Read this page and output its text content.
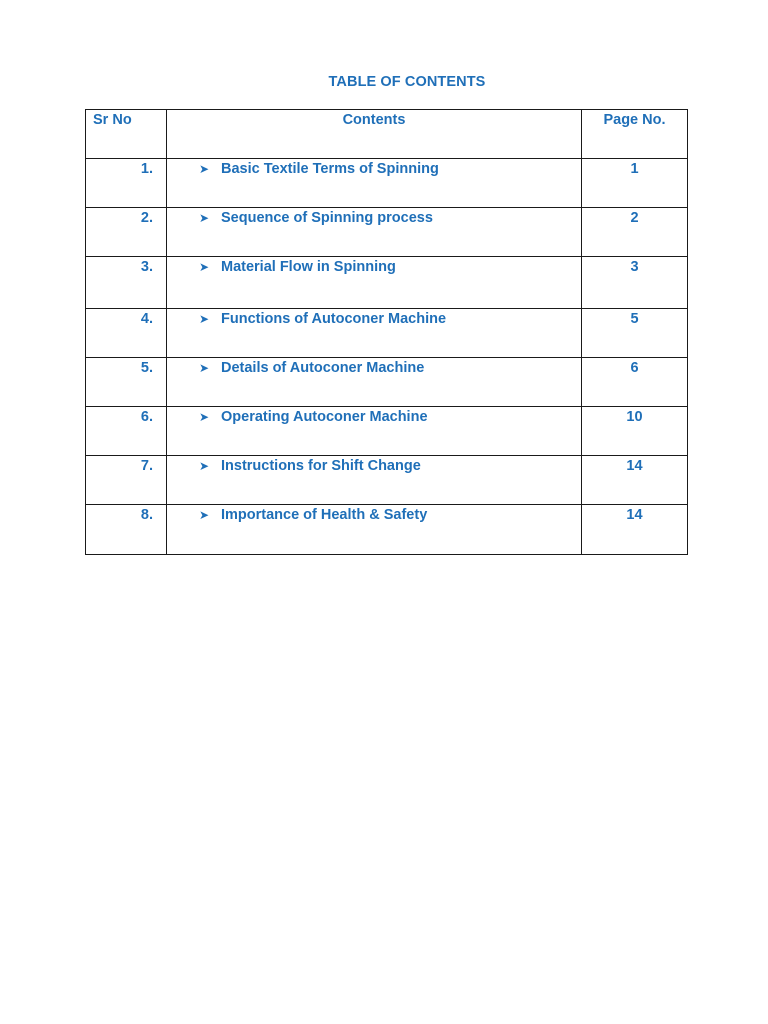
TABLE OF CONTENTS
Sr No	Contents	Page No.
1.	➤ Basic Textile Terms of Spinning	1
2.	➤ Sequence of Spinning process	2
3.	➤ Material Flow in Spinning	3
4.	➤ Functions of Autoconer Machine	5
5.	➤ Details of Autoconer Machine	6
6.	➤ Operating Autoconer Machine	10
7.	➤ Instructions for Shift Change	14
8.	➤ Importance of Health & Safety	14
